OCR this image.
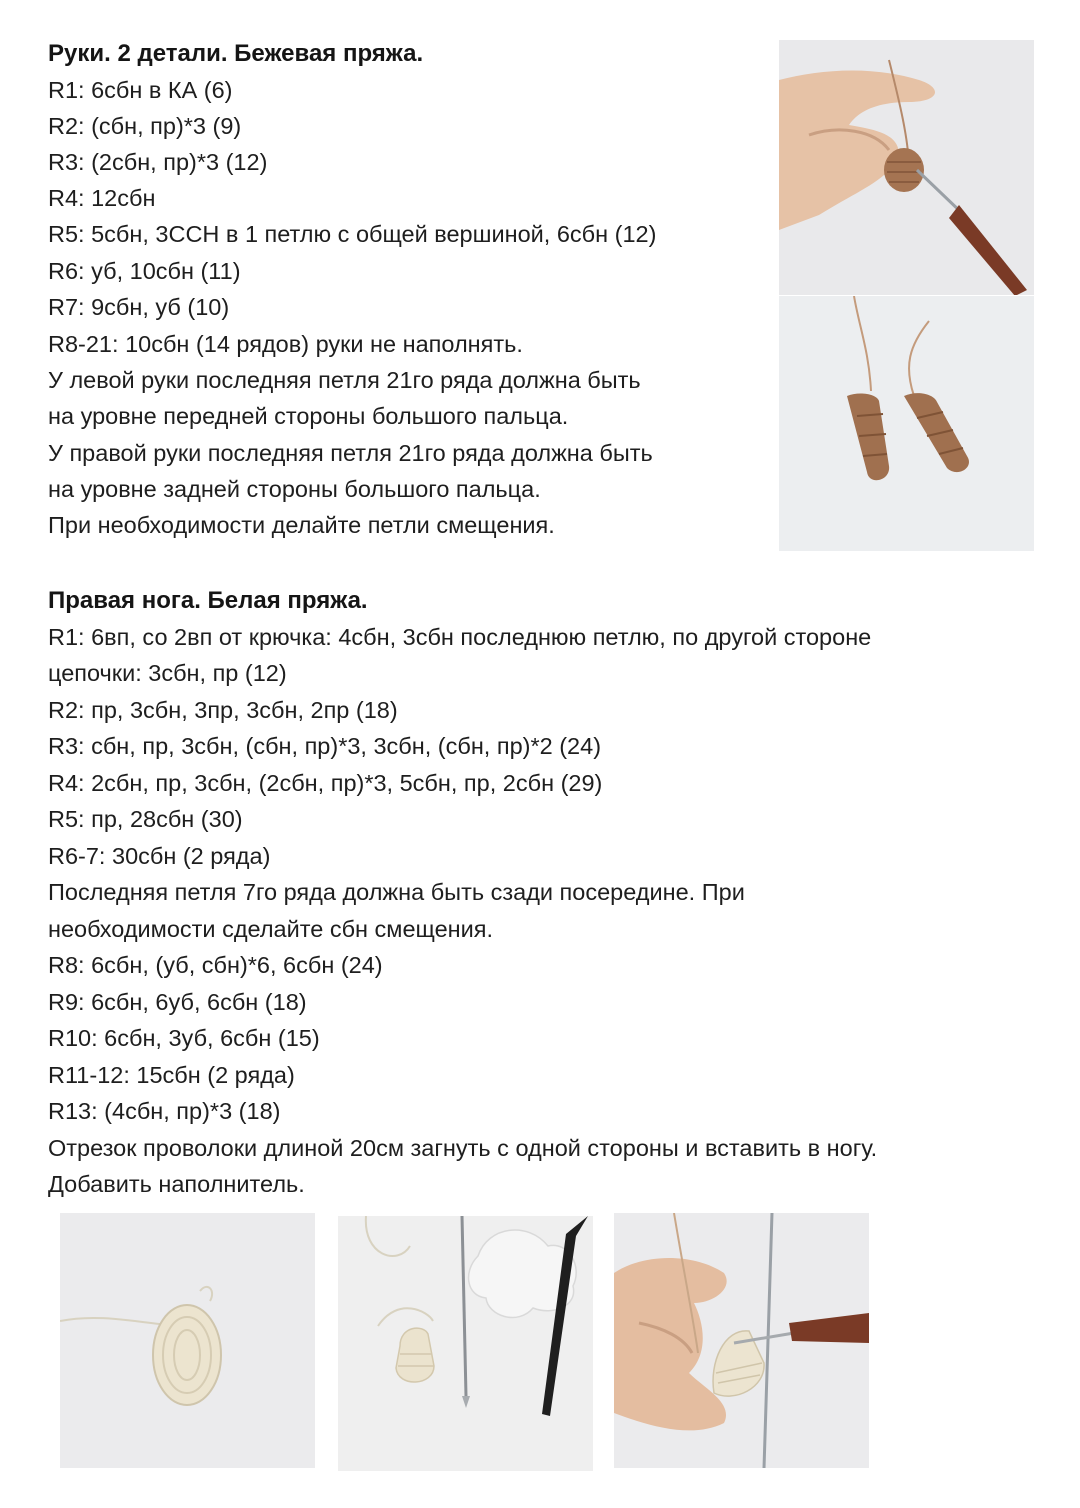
Руки. 2 детали. Бежевая пряжа.
R1: 6сбн в КА (6)
R2: (сбн, пр)*3 (9)
R3: (2сбн, пр)*3 (12)
R4: 12сбн
R5: 5сбн, 3ССН в 1 петлю с общей вершиной, 6сбн (12)
R6: уб, 10сбн (11)
R7: 9сбн, уб (10)
R8-21: 10сбн (14 рядов) руки не наполнять.
У левой руки последняя петля 21го ряда должна быть
на уровне передней стороны большого пальца.
У правой руки последняя петля 21го ряда должна быть
на уровне задней стороны большого пальца.
При необходимости делайте петли смещения.
Правая нога. Белая пряжа.
R1: 6вп, со 2вп от крючка: 4сбн, 3сбн последнюю петлю, по другой стороне
цепочки: 3сбн, пр (12)
R2: пр, 3сбн, 3пр, 3сбн, 2пр (18)
R3: сбн, пр, 3сбн, (сбн, пр)*3, 3сбн, (сбн, пр)*2 (24)
R4: 2сбн, пр, 3сбн, (2сбн, пр)*3, 5сбн, пр, 2сбн (29)
R5: пр, 28сбн (30)
R6-7: 30сбн (2 ряда)
Последняя петля 7го ряда должна быть сзади посередине. При
необходимости сделайте сбн смещения.
R8: 6сбн, (уб, сбн)*6, 6сбн (24)
R9: 6сбн, 6уб, 6сбн (18)
R10: 6сбн, 3уб, 6сбн (15)
R11-12: 15сбн (2 ряда)
R13: (4сбн, пр)*3 (18)
Отрезок проволоки длиной 20см загнуть с одной стороны и вставить в ногу.
Добавить наполнитель.
